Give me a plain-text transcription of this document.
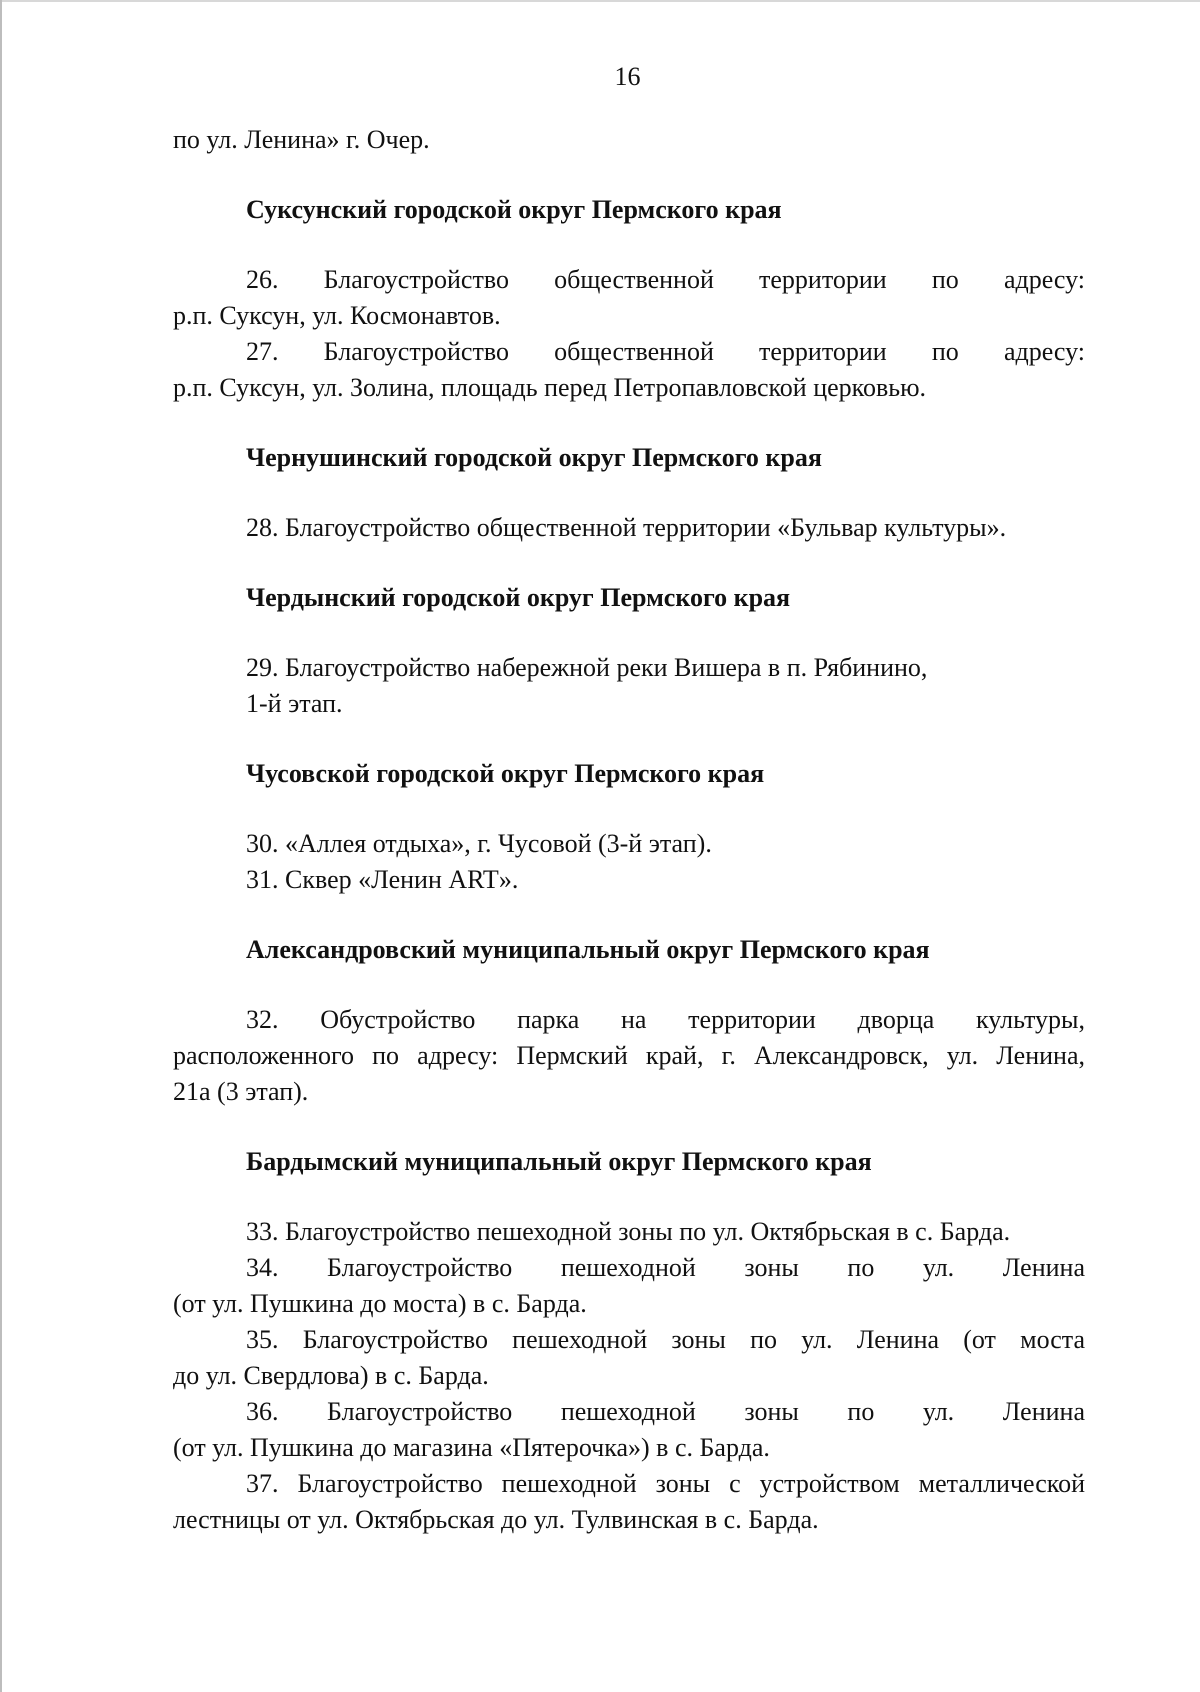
16

по ул. Ленина» г. Очер.

Суксунский городской округ Пермского края

26. Благоустройство общественной территории по адресу:

р.п. Суксун, ул. Космонавтов.

27. Благоустройство общественной территории по адресу:

р.п. Суксун, ул. Золина, площадь перед Петропавловской церковью.

Чернушинский городской округ Пермского края

28. Благоустройство общественной территории «Бульвар культуры».

Чердынский городской округ Пермского края

29. Благоустройство набережной реки Вишера в п. Рябинино,

1-й этап.

Чусовской городской округ Пермского края

30. «Аллея отдыха», г. Чусовой (3-й этап).

31. Сквер «Ленин ART».

Александровский муниципальный округ Пермского края

32. Обустройство парка на территории дворца культуры,

расположенного по адресу: Пермский край, г. Александровск, ул. Ленина,

21а (3 этап).

Бардымский муниципальный округ Пермского края

33. Благоустройство пешеходной зоны по ул. Октябрьская в с. Барда.

34. Благоустройство пешеходной зоны по ул. Ленина

(от ул. Пушкина до моста) в с. Барда.

35. Благоустройство пешеходной зоны по ул. Ленина (от моста

до ул. Свердлова) в с. Барда.

36. Благоустройство пешеходной зоны по ул. Ленина

(от ул. Пушкина до магазина «Пятерочка») в с. Барда.

37. Благоустройство пешеходной зоны с устройством металлической

лестницы от ул. Октябрьская до ул. Тулвинская в с. Барда.
